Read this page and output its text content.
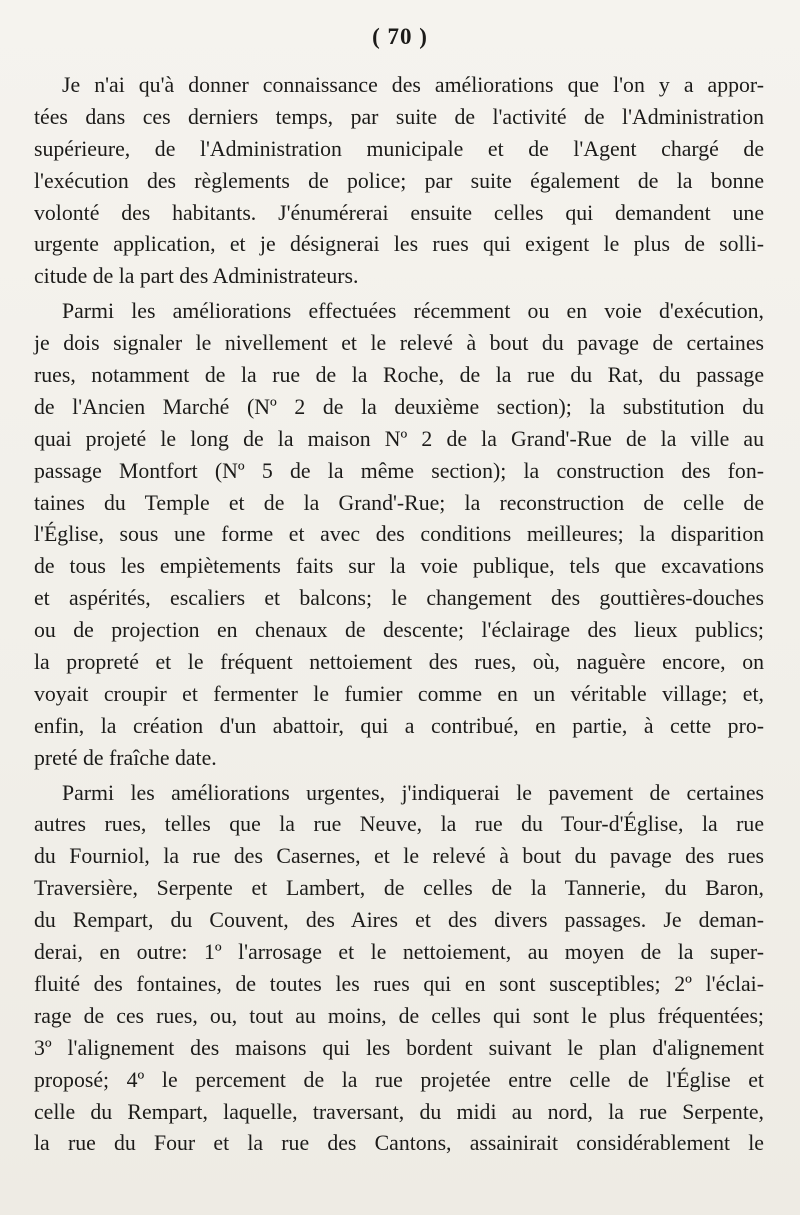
( 70 )
Je n'ai qu'à donner connaissance des améliorations que l'on y a appor-
tées dans ces derniers temps, par suite de l'activité de l'Administration
supérieure, de l'Administration municipale et de l'Agent chargé de
l'exécution des règlements de police; par suite également de la bonne
volonté des habitants. J'énumérerai ensuite celles qui demandent une
urgente application, et je désignerai les rues qui exigent le plus de solli-
citude de la part des Administrateurs.
Parmi les améliorations effectuées récemment ou en voie d'exécution,
je dois signaler le nivellement et le relevé à bout du pavage de certaines
rues, notamment de la rue de la Roche, de la rue du Rat, du passage
de l'Ancien Marché (Nº 2 de la deuxième section); la substitution du
quai projeté le long de la maison Nº 2 de la Grand'-Rue de la ville au
passage Montfort (Nº 5 de la même section); la construction des fon-
taines du Temple et de la Grand'-Rue; la reconstruction de celle de
l'Église, sous une forme et avec des conditions meilleures; la disparition
de tous les empiètements faits sur la voie publique, tels que excavations
et aspérités, escaliers et balcons; le changement des gouttières-douches
ou de projection en chenaux de descente; l'éclairage des lieux publics;
la propreté et le fréquent nettoiement des rues, où, naguère encore, on
voyait croupir et fermenter le fumier comme en un véritable village; et,
enfin, la création d'un abattoir, qui a contribué, en partie, à cette pro-
preté de fraîche date.
Parmi les améliorations urgentes, j'indiquerai le pavement de certaines
autres rues, telles que la rue Neuve, la rue du Tour-d'Église, la rue
du Fourniol, la rue des Casernes, et le relevé à bout du pavage des rues
Traversière, Serpente et Lambert, de celles de la Tannerie, du Baron,
du Rempart, du Couvent, des Aires et des divers passages. Je deman-
derai, en outre: 1º l'arrosage et le nettoiement, au moyen de la super-
fluité des fontaines, de toutes les rues qui en sont susceptibles; 2º l'éclai-
rage de ces rues, ou, tout au moins, de celles qui sont le plus fréquentées;
3º l'alignement des maisons qui les bordent suivant le plan d'alignement
proposé; 4º le percement de la rue projetée entre celle de l'Église et
celle du Rempart, laquelle, traversant, du midi au nord, la rue Serpente,
la rue du Four et la rue des Cantons, assainirait considérablement le
